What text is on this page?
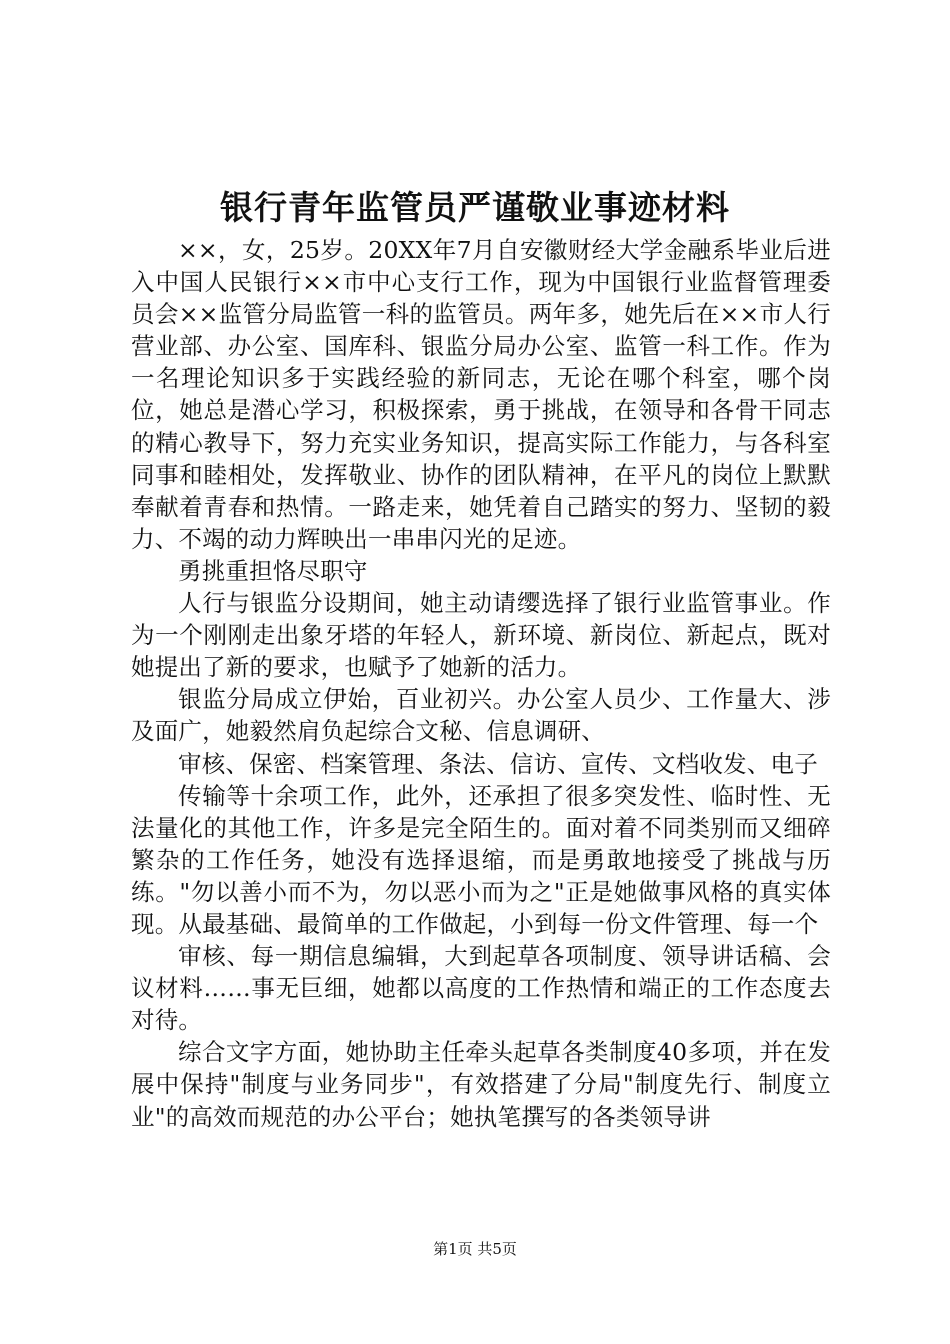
银行青年监管员严谨敬业事迹材料

××，女，25岁。20XX年7月自安徽财经大学金融系毕业后进入中国人民银行××市中心支行工作，现为中国银行业监督管理委员会××监管分局监管一科的监管员。两年多，她先后在××市人行营业部、办公室、国库科、银监分局办公室、监管一科工作。作为一名理论知识多于实践经验的新同志，无论在哪个科室，哪个岗位，她总是潜心学习，积极探索，勇于挑战，在领导和各骨干同志的精心教导下，努力充实业务知识，提高实际工作能力，与各科室同事和睦相处，发挥敬业、协作的团队精神，在平凡的岗位上默默奉献着青春和热情。一路走来，她凭着自己踏实的努力、坚韧的毅力、不竭的动力辉映出一串串闪光的足迹。

勇挑重担恪尽职守

人行与银监分设期间，她主动请缨选择了银行业监管事业。作为一个刚刚走出象牙塔的年轻人，新环境、新岗位、新起点，既对她提出了新的要求，也赋予了她新的活力。

银监分局成立伊始，百业初兴。办公室人员少、工作量大、涉及面广，她毅然肩负起综合文秘、信息调研、

审核、保密、档案管理、条法、信访、宣传、文档收发、电子

传输等十余项工作，此外，还承担了很多突发性、临时性、无法量化的其他工作，许多是完全陌生的。面对着不同类别而又细碎繁杂的工作任务，她没有选择退缩，而是勇敢地接受了挑战与历练。"勿以善小而不为，勿以恶小而为之"正是她做事风格的真实体现。从最基础、最简单的工作做起，小到每一份文件管理、每一个

审核、每一期信息编辑，大到起草各项制度、领导讲话稿、会议材料……事无巨细，她都以高度的工作热情和端正的工作态度去对待。

综合文字方面，她协助主任牵头起草各类制度40多项，并在发展中保持"制度与业务同步"，有效搭建了分局"制度先行、制度立业"的高效而规范的办公平台；她执笔撰写的各类领导讲

第1页 共5页
